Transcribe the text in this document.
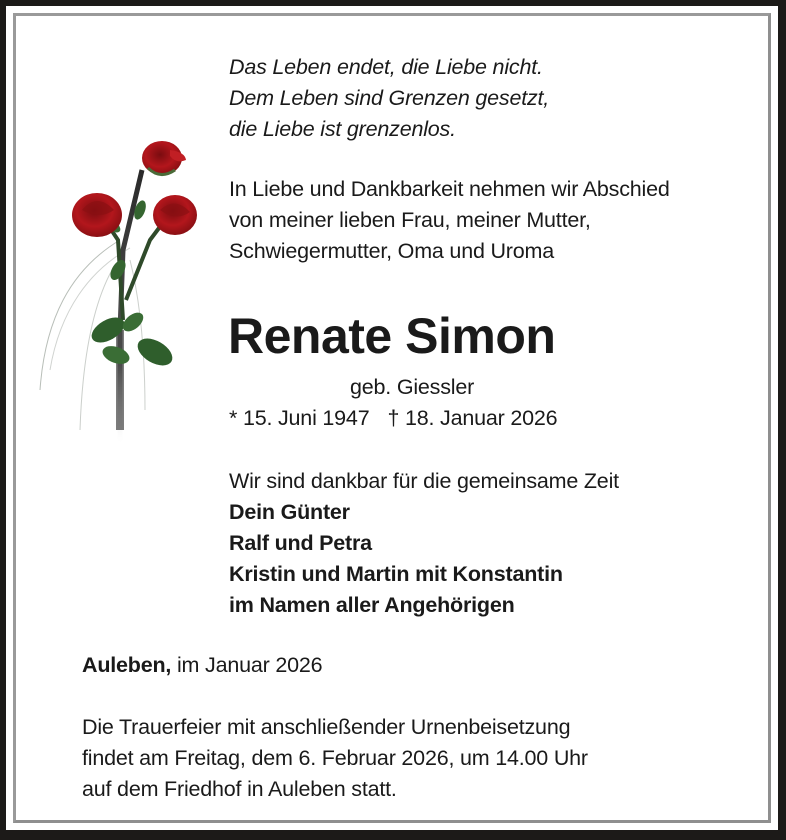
Das Leben endet, die Liebe nicht.
Dem Leben sind Grenzen gesetzt,
die Liebe ist grenzenlos.
In Liebe und Dankbarkeit nehmen wir Abschied
von meiner lieben Frau, meiner Mutter,
Schwiegermutter, Oma und Uroma
Renate Simon
geb. Giessler
* 15. Juni 1947 † 18. Januar 2026
Wir sind dankbar für die gemeinsame Zeit
Dein Günter
Ralf und Petra
Kristin und Martin mit Konstantin
im Namen aller Angehörigen
Auleben, im Januar 2026
Die Trauerfeier mit anschließender Urnenbeisetzung
findet am Freitag, dem 6. Februar 2026, um 14.00 Uhr
auf dem Friedhof in Auleben statt.
